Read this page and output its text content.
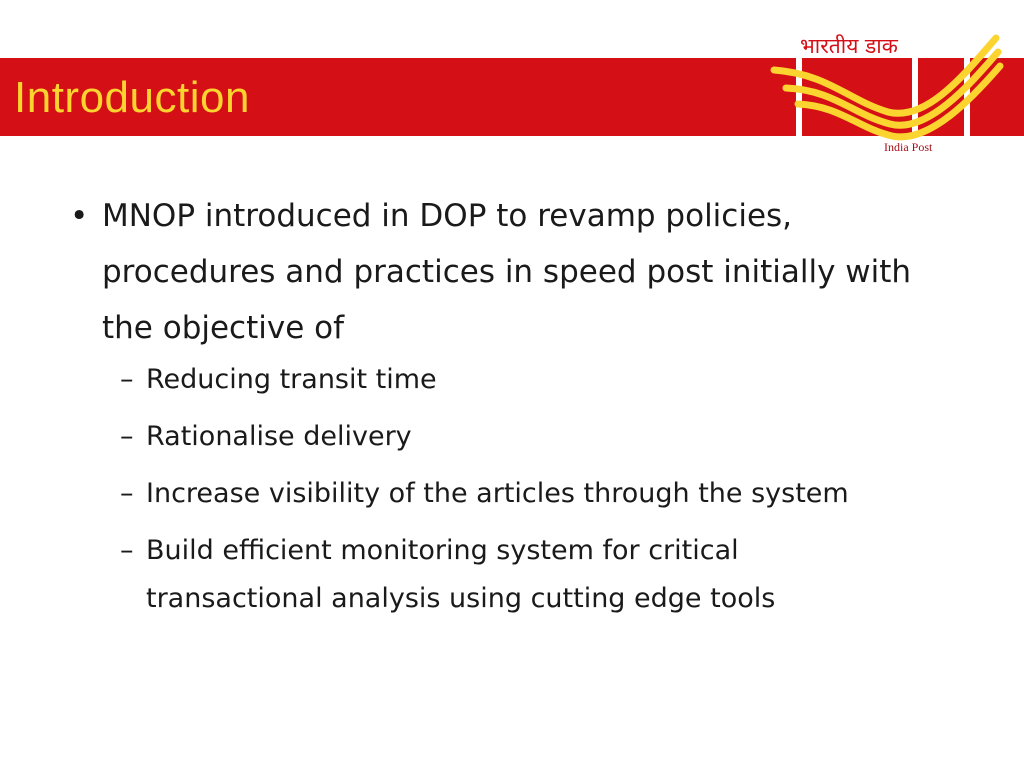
Introduction

भारतीय डाक

India Post

• MNOP introduced in DOP to revamp policies, procedures and practices in speed post initially with the objective of
– Reducing transit time
– Rationalise delivery
– Increase visibility of the articles through the system
– Build efficient monitoring system for critical transactional analysis using cutting edge tools
